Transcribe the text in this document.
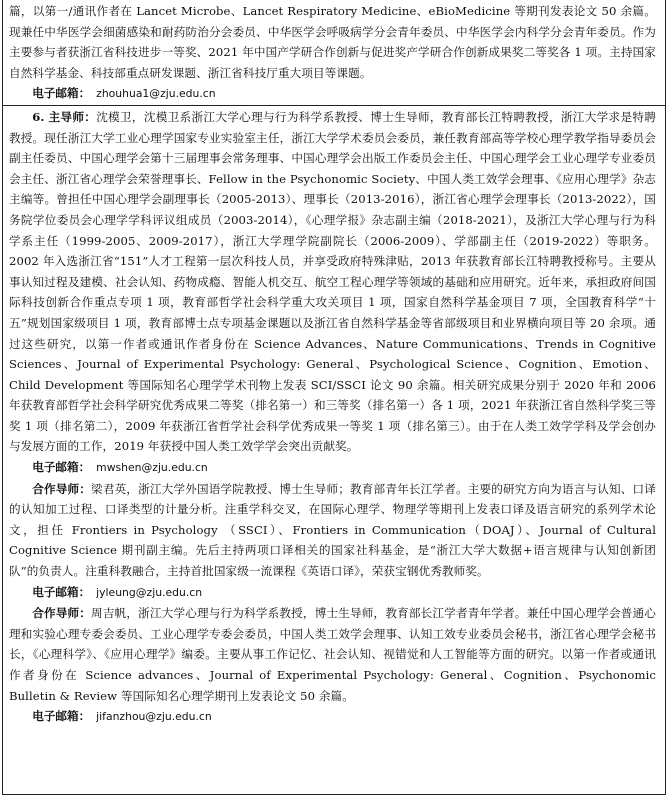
篇，以第一/通讯作者在 Lancet Microbe、Lancet Respiratory Medicine、eBioMedicine 等期刊发表论文 50 余篇。现兼任中华医学会细菌感染和耐药防治分会委员、中华医学会呼吸病学分会青年委员、中华医学会内科学分会青年委员。作为主要参与者获浙江省科技进步一等奖、2021 年中国产学研合作创新与促进奖产学研合作创新成果奖二等奖各 1 项。主持国家自然科学基金、科技部重点研发课题、浙江省科技厅重大项目等课题。

电子邮箱： zhouhua1@zju.edu.cn

6. 主导师：沈模卫，沈模卫系浙江大学心理与行为科学系教授、博士生导师，教育部长江特聘教授，浙江大学求是特聘教授。现任浙江大学工业心理学国家专业实验室主任，浙江大学学术委员会委员，兼任教育部高等学校心理学教学指导委员会副主任委员、中国心理学会第十三届理事会常务理事、中国心理学会出版工作委员会主任、中国心理学会工业心理学专业委员会主任、浙江省心理学会荣誉理事长、Fellow in the Psychonomic Society、中国人类工效学会理事、《应用心理学》杂志主编等。曾担任中国心理学会副理事长（2005-2013）、理事长（2013-2016），浙江省心理学会理事长（2013-2022），国务院学位委员会心理学学科评议组成员（2003-2014），《心理学报》杂志副主编（2018-2021），及浙江大学心理与行为科学系主任（1999-2005、2009-2017），浙江大学理学院副院长（2006-2009）、学部副主任（2019-2022）等职务。2002 年入选浙江省“151”人才工程第一层次科技人员，并享受政府特殊津贴，2013 年获教育部长江特聘教授称号。主要从事认知过程及建模、社会认知、药物成瘾、智能人机交互、航空工程心理学等领域的基础和应用研究。近年来，承担政府间国际科技创新合作重点专项 1 项，教育部哲学社会科学重大攻关项目 1 项，国家自然科学基金项目 7 项，全国教育科学“十五”规划国家级项目 1 项，教育部博士点专项基金课题以及浙江省自然科学基金等省部级项目和业界横向项目等 20 余项。通过这些研究，以第一作者或通讯作者身份在 Science Advances、Nature Communications、Trends in Cognitive Sciences、Journal of Experimental Psychology: General、Psychological Science、Cognition、Emotion、Child Development 等国际知名心理学学术刊物上发表 SCI/SSCI 论文 90 余篇。相关研究成果分别于 2020 年和 2006 年获教育部哲学社会科学研究优秀成果二等奖（排名第一）和三等奖（排名第一）各 1 项，2021 年获浙江省自然科学奖三等奖 1 项（排名第二），2009 年获浙江省哲学社会科学优秀成果一等奖 1 项（排名第三）。由于在人类工效学学科及学会创办与发展方面的工作，2019 年获授中国人类工效学学会突出贡献奖。

电子邮箱： mwshen@zju.edu.cn

合作导师：梁君英，浙江大学外国语学院教授、博士生导师；教育部青年长江学者。主要的研究方向为语言与认知、口译的认知加工过程、口译类型的计量分析。注重学科交叉，在国际心理学、物理学等期刊上发表口译及语言研究的系列学术论文，担任 Frontiers in Psychology （SSCI）、Frontiers in Communication（DOAJ）、Journal of Cultural Cognitive Science 期刊副主编。先后主持两项口译相关的国家社科基金，是“浙江大学大数据+语言规律与认知创新团队”的负责人。注重科教融合，主持首批国家级一流课程《英语口译》，荣获宝钢优秀教师奖。

电子邮箱： jyleung@zju.edu.cn

合作导师：周吉帆，浙江大学心理与行为科学系教授，博士生导师，教育部长江学者青年学者。兼任中国心理学会普通心理和实验心理专委会委员、工业心理学专委会委员，中国人类工效学会理事、认知工效专业委员会秘书，浙江省心理学会秘书长，《心理科学》、《应用心理学》编委。主要从事工作记忆、社会认知、视错觉和人工智能等方面的研究。以第一作者或通讯作者身份在 Science advances、Journal of Experimental Psychology: General、Cognition、Psychonomic Bulletin & Review 等国际知名心理学期刊上发表论文 50 余篇。

电子邮箱： jifanzhou@zju.edu.cn
